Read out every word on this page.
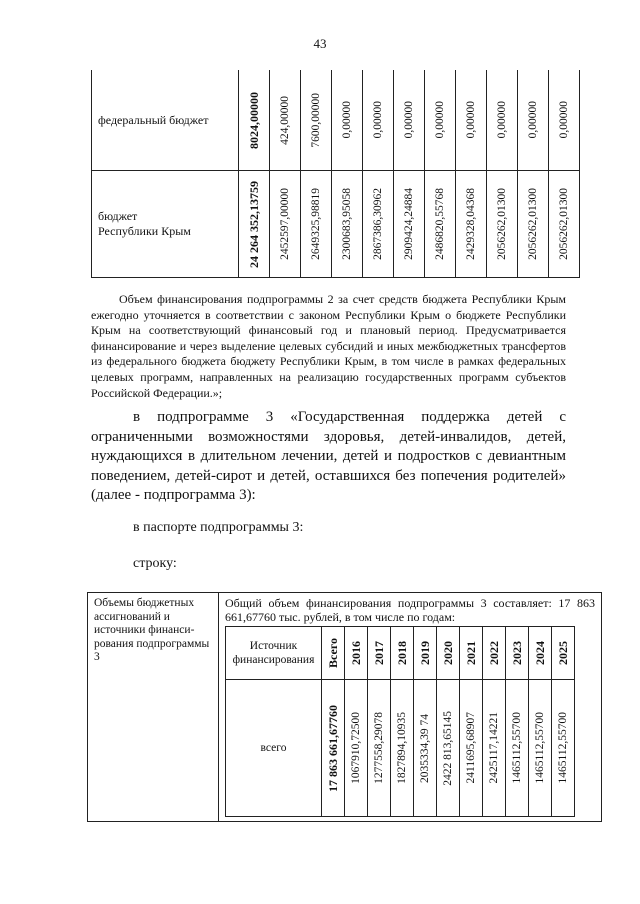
43
федеральный бюджет	8024,00000	424,00000	7600,00000	0,00000	0,00000	0,00000	0,00000	0,00000	0,00000	0,00000	0,00000

бюджет
Республики Крым	24 264 352,13759	2452597,00000	2649325,98819	2300683,95058	2867386,30962	2909424,24884	2486820,55768	2429328,04368	2056262,01300	2056262,01300	2056262,01300

Объем финансирования подпрограммы 2 за счет средств бюджета Республики Крым ежегодно уточняется в соответствии с законом Республики Крым о бюджете Республики Крым на соответствующий финансовый год и плановый период. Предусматривается финансирование и через выделение целевых субсидий и иных межбюджетных трансфертов из федерального бюджета бюджету Республики Крым, в том числе в рамках федеральных целевых программ, направленных на реализацию государственных программ субъектов Российской Федерации.»;

в подпрограмме 3 «Государственная поддержка детей с ограниченными возможностями здоровья, детей-инвалидов, детей, нуждающихся в длительном лечении, детей и подростков с девиантным поведением, детей-сирот и детей, оставшихся без попечения родителей» (далее - подпрограмма 3):

в паспорте подпрограммы 3:

строку:

Объемы бюджетных ассигнований и источники финанси-рования подпрограммы 3	
Общий объем финансирования подпрограммы 3 составляет: 17 863 661,67760 тыс. рублей, в том числе по годам:
Источник финансирования	Всего	2016	2017	2018	2019	2020	2021	2022	2023	2024	2025

всего	17 863 661,67760	1067910,72500	1277558,29078	1827894,10935	2035334,39 74	2422 813,65145	2411695,68907	2425117,14221	1465112,55700	1465112,55700	1465112,55700
